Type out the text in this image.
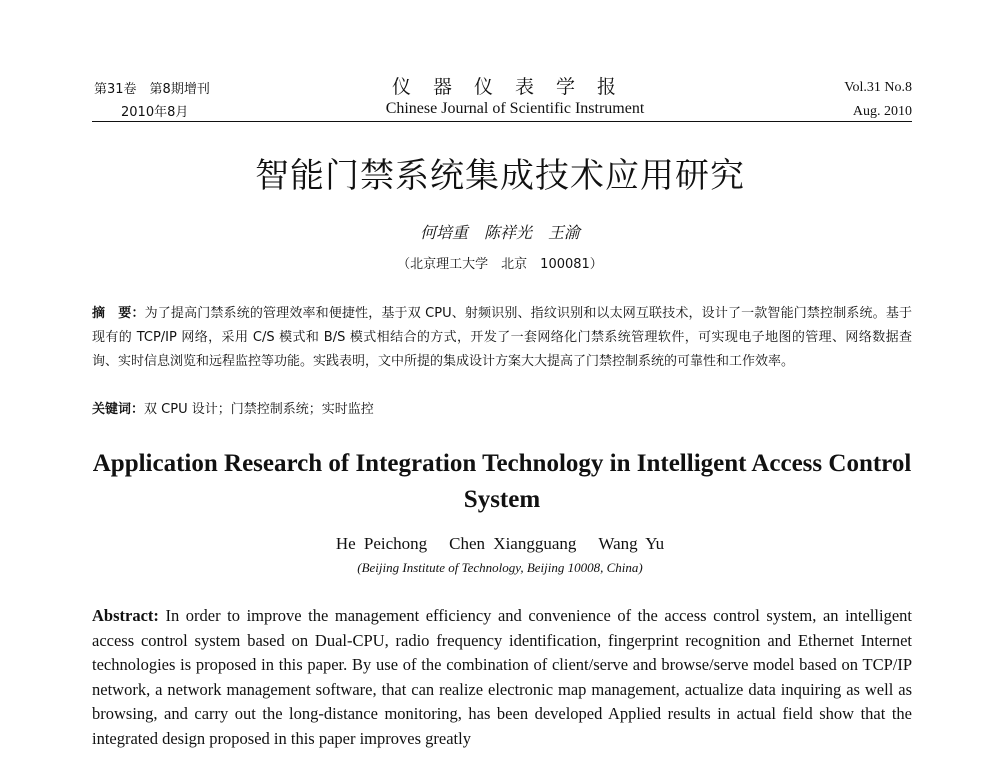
第31卷　第8期增刊
2010年8月
仪器仪表学报
Chinese Journal of Scientific Instrument
Vol.31 No.8
Aug. 2010
智能门禁系统集成技术应用研究
何培重　陈祥光　王渝
（北京理工大学　北京　100081）
摘　要：为了提高门禁系统的管理效率和便捷性，基于双 CPU、射频识别、指纹识别和以太网互联技术，设计了一款智能门禁控制系统。基于现有的 TCP/IP 网络，采用 C/S 模式和 B/S 模式相结合的方式，开发了一套网络化门禁系统管理软件，可实现电子地图的管理、网络数据查询、实时信息浏览和远程监控等功能。实践表明，文中所提的集成设计方案大大提高了门禁控制系统的可靠性和工作效率。
关键词：双 CPU 设计；门禁控制系统；实时监控
Application Research of Integration Technology in Intelligent Access Control System
He Peichong Chen Xiangguang Wang Yu
(Beijing Institute of Technology, Beijing 10008, China)
Abstract: In order to improve the management efficiency and convenience of the access control system, an intelligent access control system based on Dual-CPU, radio frequency identification, fingerprint recognition and Ethernet Internet technologies is proposed in this paper. By use of the combination of client/serve and browse/serve model based on TCP/IP network, a network management software, that can realize electronic map management, actualize data inquiring as well as browsing, and carry out the long-distance monitoring, has been developed Applied results in actual field show that the integrated design proposed in this paper improves greatly
